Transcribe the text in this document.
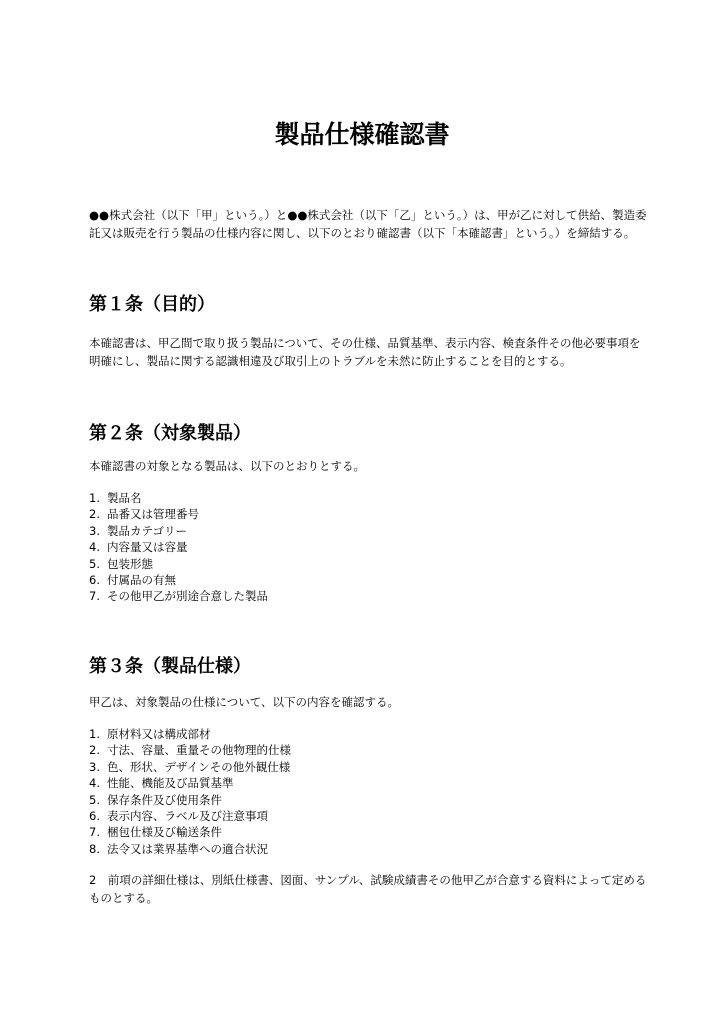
製品仕様確認書

●●株式会社（以下「甲」という。）と●●株式会社（以下「乙」という。）は、甲が乙に対して供給、製造委託又は販売を行う製品の仕様内容に関し、以下のとおり確認書（以下「本確認書」という。）を締結する。

第１条（目的）

本確認書は、甲乙間で取り扱う製品について、その仕様、品質基準、表示内容、検査条件その他必要事項を明確にし、製品に関する認識相違及び取引上のトラブルを未然に防止することを目的とする。

第２条（対象製品）

本確認書の対象となる製品は、以下のとおりとする。

1. 製品名
2. 品番又は管理番号
3. 製品カテゴリー
4. 内容量又は容量
5. 包装形態
6. 付属品の有無
7. その他甲乙が別途合意した製品
第３条（製品仕様）

甲乙は、対象製品の仕様について、以下の内容を確認する。

1. 原材料又は構成部材
2. 寸法、容量、重量その他物理的仕様
3. 色、形状、デザインその他外観仕様
4. 性能、機能及び品質基準
5. 保存条件及び使用条件
6. 表示内容、ラベル及び注意事項
7. 梱包仕様及び輸送条件
8. 法令又は業界基準への適合状況

2　前項の詳細仕様は、別紙仕様書、図面、サンプル、試験成績書その他甲乙が合意する資料によって定めるものとする。
